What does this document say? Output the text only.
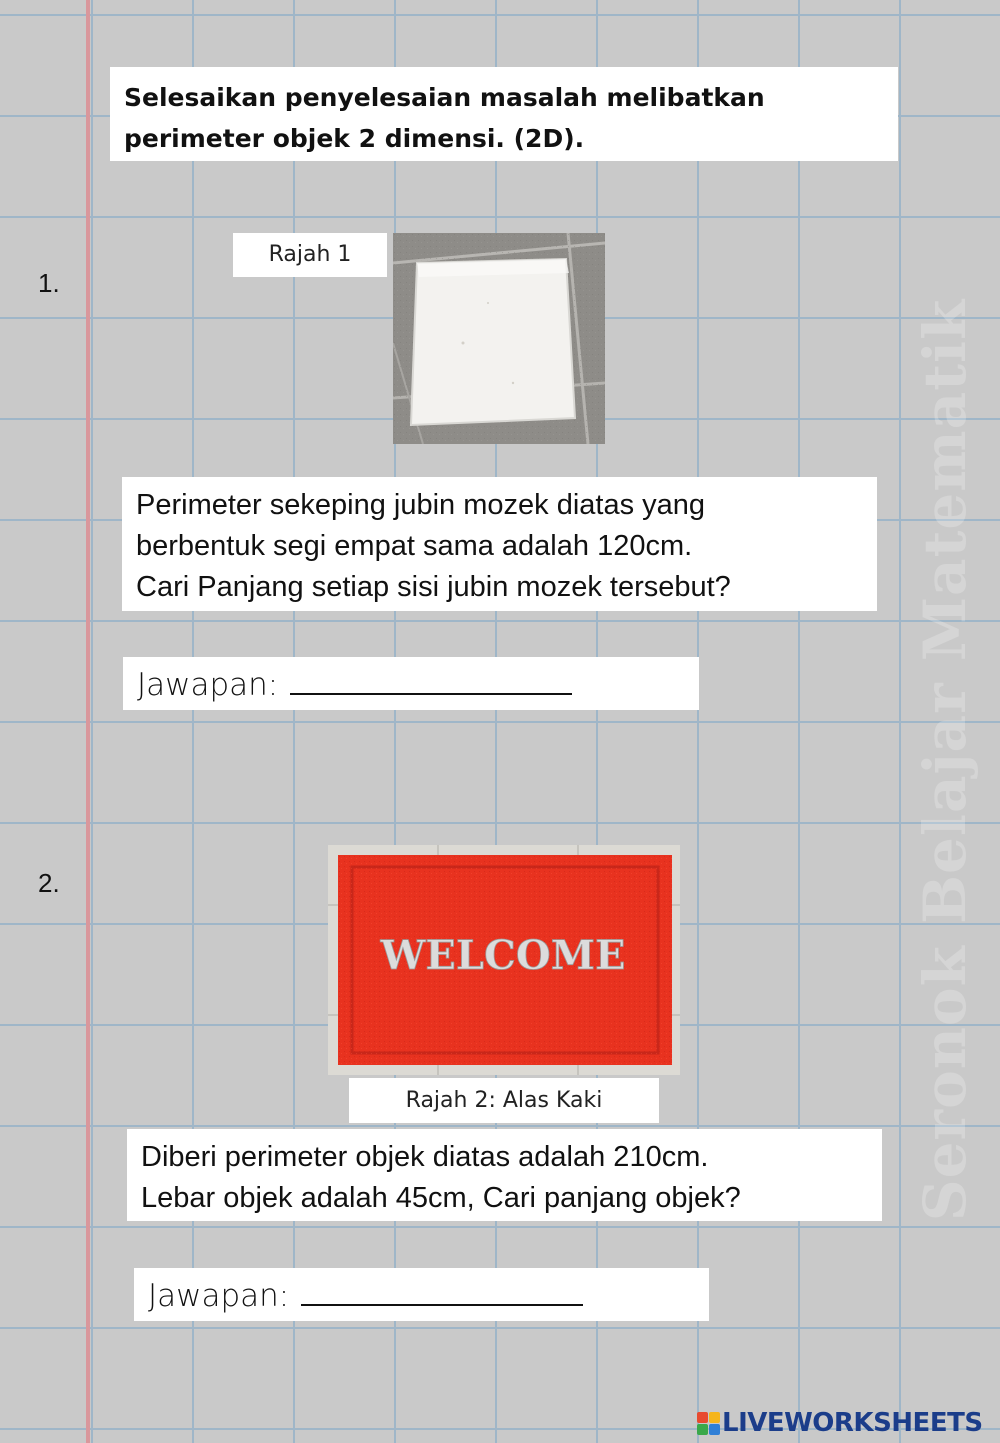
Seronok Belajar Matematik
Selesaikan penyelesaian masalah melibatkan
perimeter objek 2 dimensi. (2D).
1.
Rajah 1
Perimeter sekeping jubin mozek diatas yang
berbentuk segi empat sama adalah 120cm.
Cari Panjang setiap sisi jubin mozek tersebut?
Jawapan:
2.
WELCOME
Rajah 2: Alas Kaki
Diberi perimeter objek diatas adalah 210cm.
Lebar objek adalah 45cm, Cari panjang objek?
Jawapan:
LIVEWORKSHEETS
